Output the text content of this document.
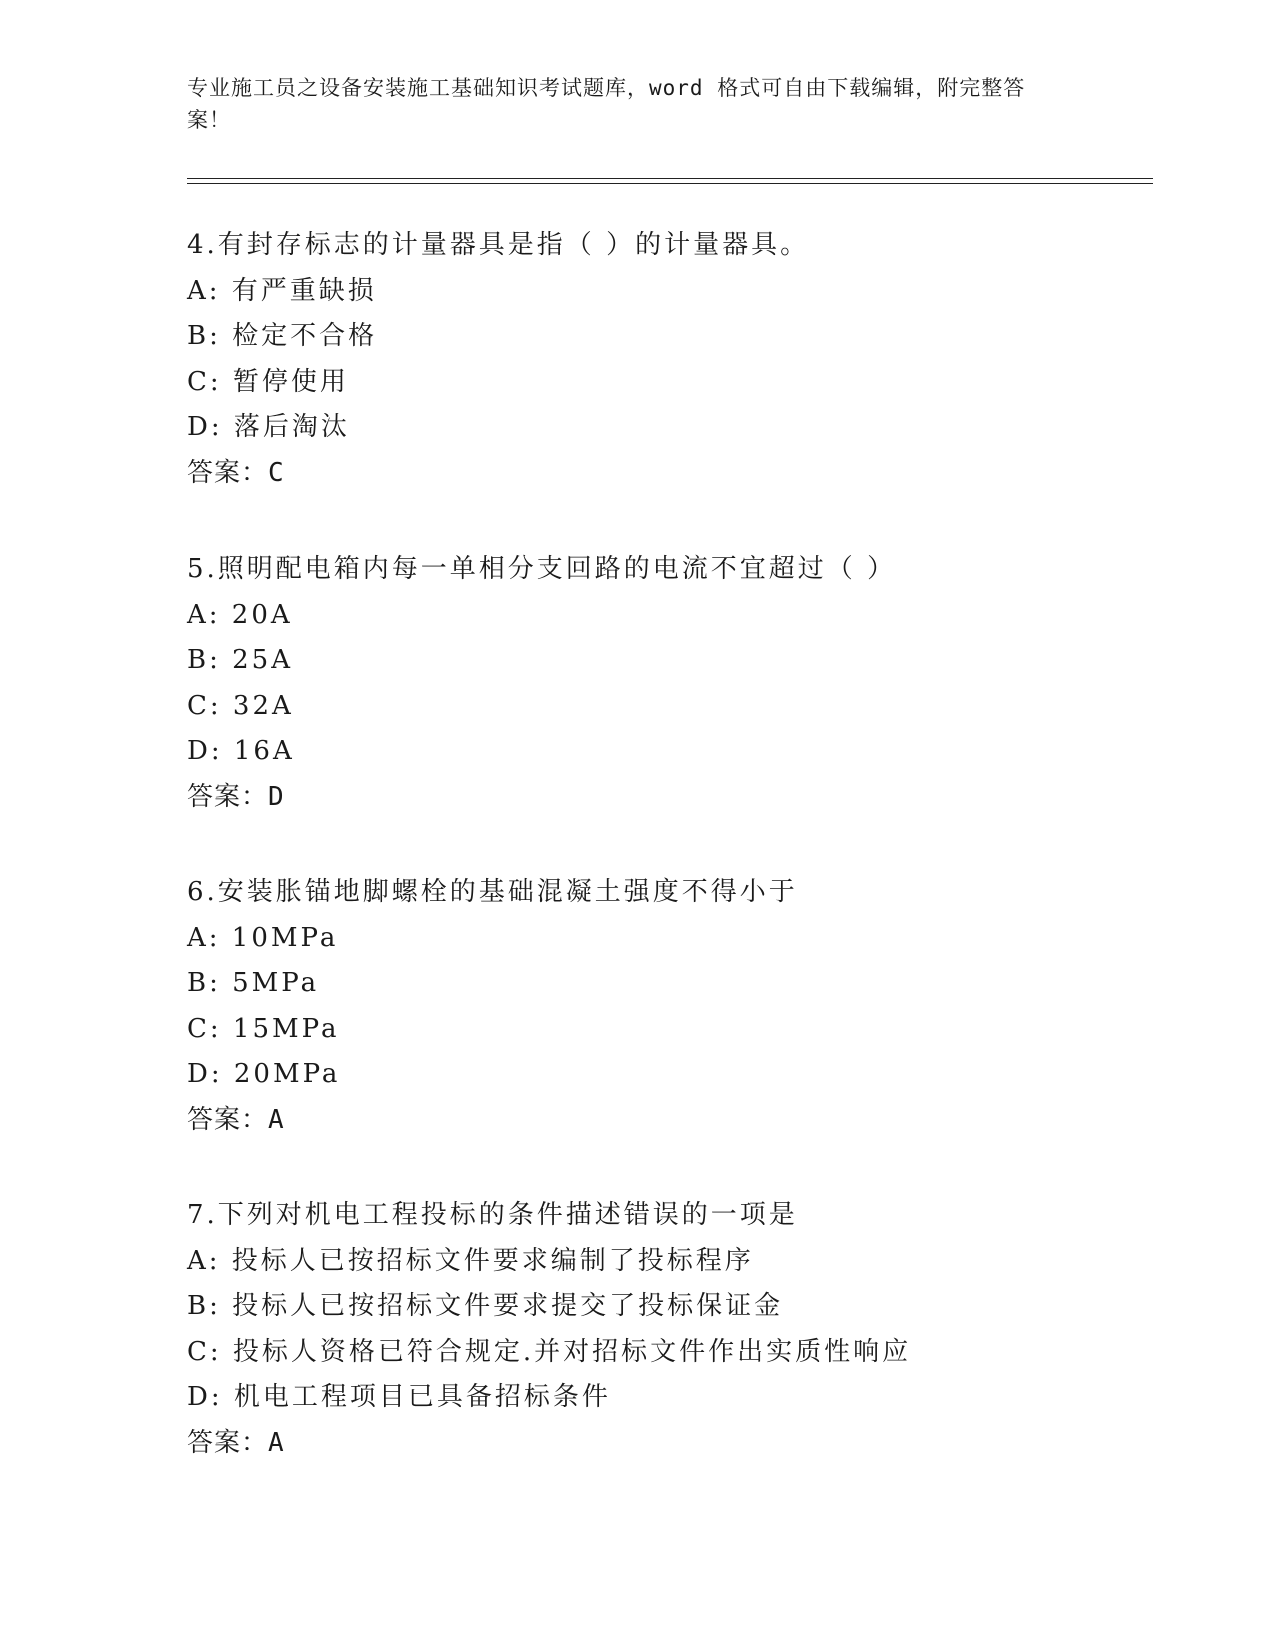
专业施工员之设备安装施工基础知识考试题库，word 格式可自由下载编辑，附完整答案！
4.有封存标志的计量器具是指（ ）的计量器具。
A: 有严重缺损
B: 检定不合格
C: 暂停使用
D: 落后淘汰
答案：C
5.照明配电箱内每一单相分支回路的电流不宜超过（ ）
A: 20A
B: 25A
C: 32A
D: 16A
答案：D
6.安装胀锚地脚螺栓的基础混凝土强度不得小于
A: 10MPa
B: 5MPa
C: 15MPa
D: 20MPa
答案：A
7.下列对机电工程投标的条件描述错误的一项是
A: 投标人已按招标文件要求编制了投标程序
B: 投标人已按招标文件要求提交了投标保证金
C: 投标人资格已符合规定.并对招标文件作出实质性响应
D: 机电工程项目已具备招标条件
答案：A
